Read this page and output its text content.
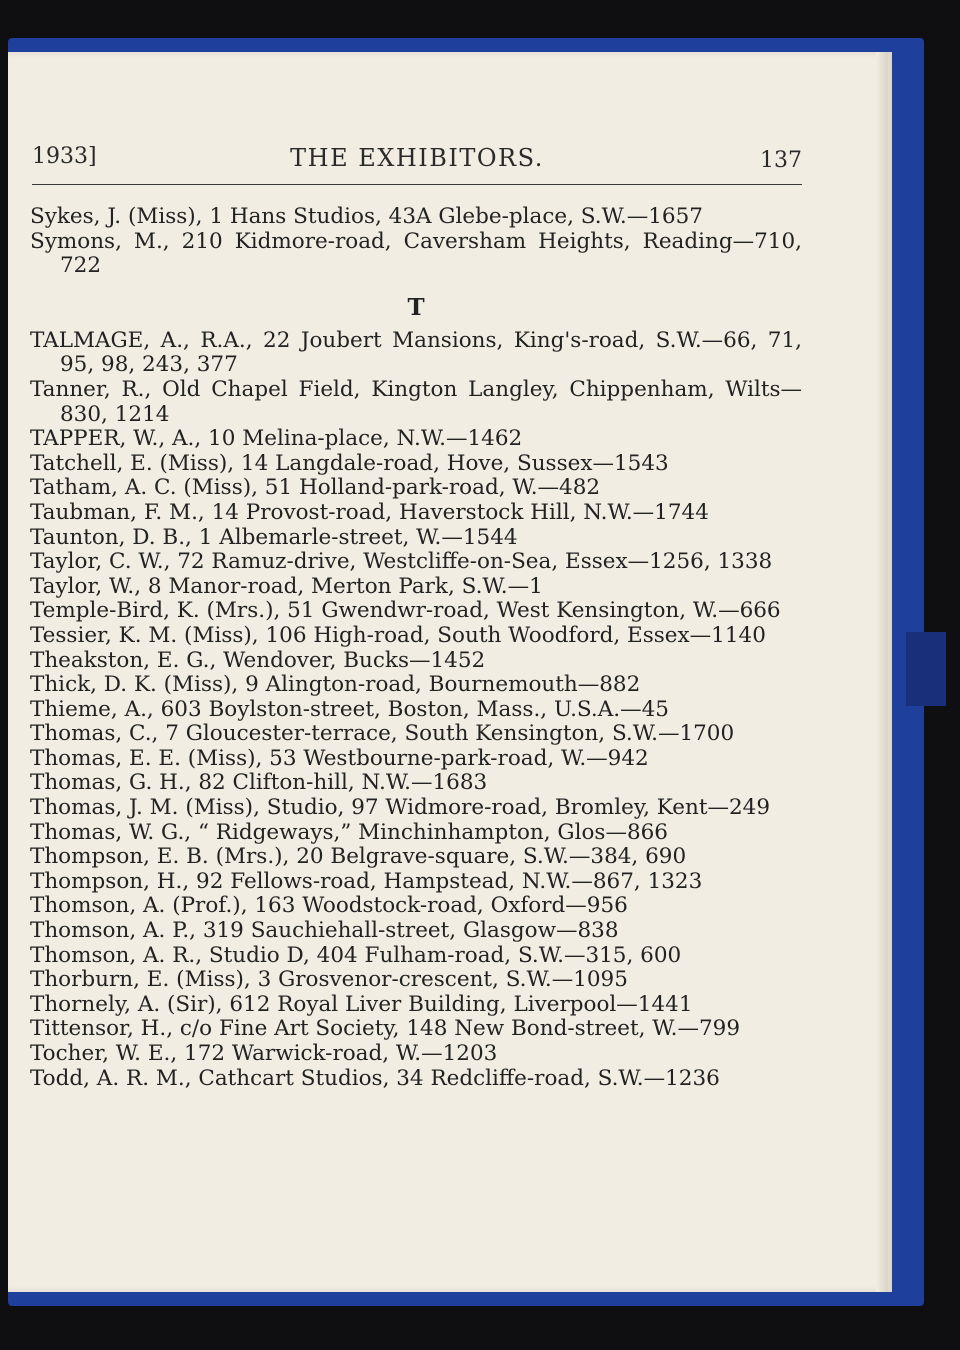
1933]	THE EXHIBITORS.	137
Sykes, J. (Miss), 1 Hans Studios, 43A Glebe-place, S.W.—1657
Symons, M., 210 Kidmore-road, Caversham Heights, Reading—710, 722
T
TALMAGE, A., R.A., 22 Joubert Mansions, King's-road, S.W.—66, 71, 95, 98, 243, 377
Tanner, R., Old Chapel Field, Kington Langley, Chippenham, Wilts—830, 1214
TAPPER, W., A., 10 Melina-place, N.W.—1462
Tatchell, E. (Miss), 14 Langdale-road, Hove, Sussex—1543
Tatham, A. C. (Miss), 51 Holland-park-road, W.—482
Taubman, F. M., 14 Provost-road, Haverstock Hill, N.W.—1744
Taunton, D. B., 1 Albemarle-street, W.—1544
Taylor, C. W., 72 Ramuz-drive, Westcliffe-on-Sea, Essex—1256, 1338
Taylor, W., 8 Manor-road, Merton Park, S.W.—1
Temple-Bird, K. (Mrs.), 51 Gwendwr-road, West Kensington, W.—666
Tessier, K. M. (Miss), 106 High-road, South Woodford, Essex—1140
Theakston, E. G., Wendover, Bucks—1452
Thick, D. K. (Miss), 9 Alington-road, Bournemouth—882
Thieme, A., 603 Boylston-street, Boston, Mass., U.S.A.—45
Thomas, C., 7 Gloucester-terrace, South Kensington, S.W.—1700
Thomas, E. E. (Miss), 53 Westbourne-park-road, W.—942
Thomas, G. H., 82 Clifton-hill, N.W.—1683
Thomas, J. M. (Miss), Studio, 97 Widmore-road, Bromley, Kent—249
Thomas, W. G., “ Ridgeways,” Minchinhampton, Glos—866
Thompson, E. B. (Mrs.), 20 Belgrave-square, S.W.—384, 690
Thompson, H., 92 Fellows-road, Hampstead, N.W.—867, 1323
Thomson, A. (Prof.), 163 Woodstock-road, Oxford—956
Thomson, A. P., 319 Sauchiehall-street, Glasgow—838
Thomson, A. R., Studio D, 404 Fulham-road, S.W.—315, 600
Thorburn, E. (Miss), 3 Grosvenor-crescent, S.W.—1095
Thornely, A. (Sir), 612 Royal Liver Building, Liverpool—1441
Tittensor, H., c/o Fine Art Society, 148 New Bond-street, W.—799
Tocher, W. E., 172 Warwick-road, W.—1203
Todd, A. R. M., Cathcart Studios, 34 Redcliffe-road, S.W.—1236
